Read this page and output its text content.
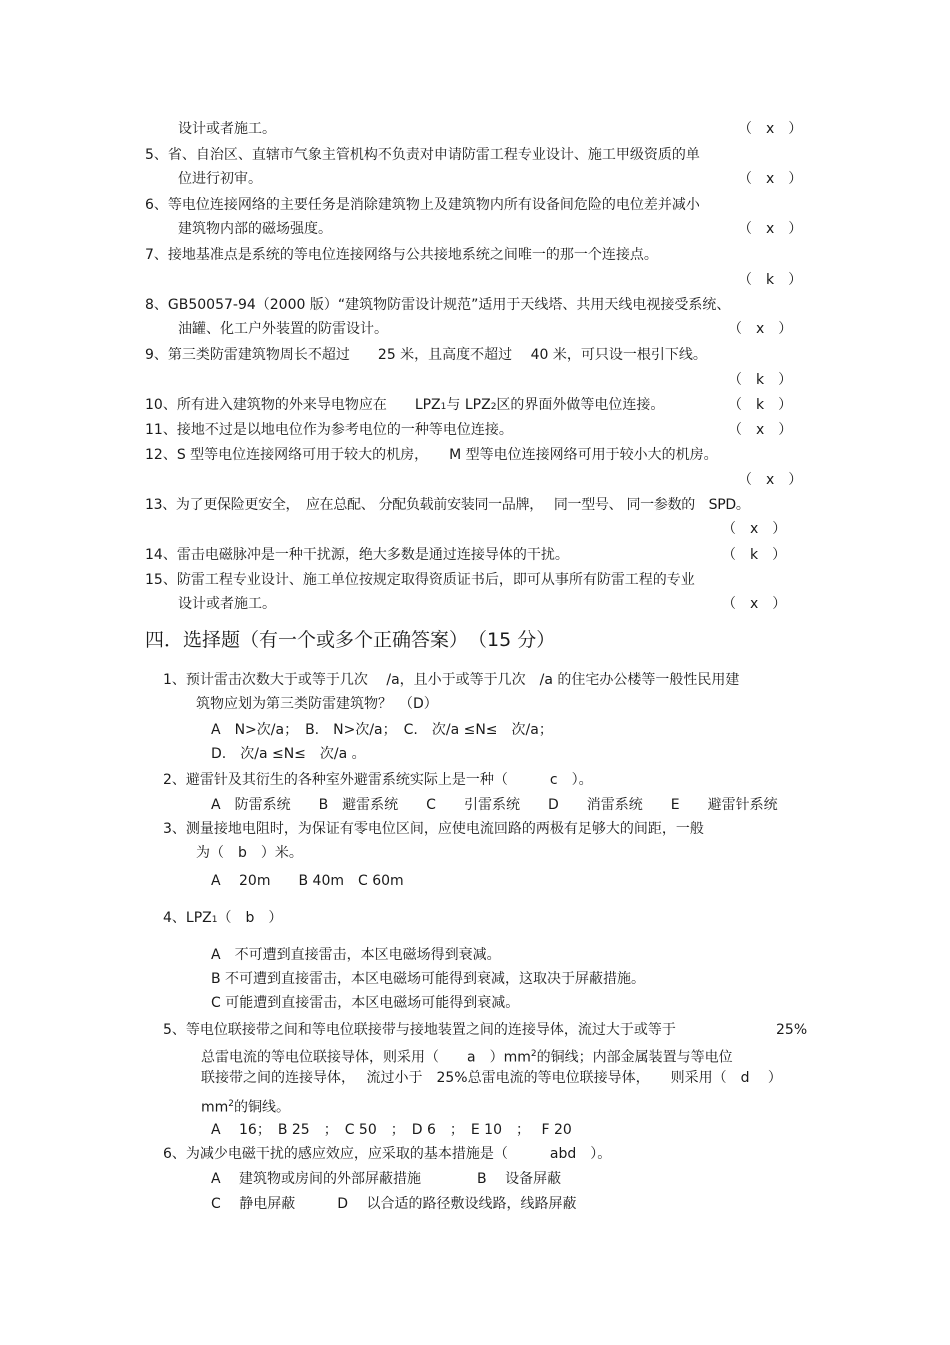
设计或者施工。	（　x　）
5、省、自治区、直辖市气象主管机构不负责对申请防雷工程专业设计、施工甲级资质的单
位进行初审。	（　x　）
6、等电位连接网络的主要任务是消除建筑物上及建筑物内所有设备间危险的电位差并减小
建筑物内部的磁场强度。	（　x　）
7、接地基准点是系统的等电位连接网络与公共接地系统之间唯一的那一个连接点。
（　k　）
8、GB50057-94（2000 版）“建筑物防雷设计规范”适用于天线塔、共用天线电视接受系统、
油罐、化工户外装置的防雷设计。	（　x　）
9、第三类防雷建筑物周长不超过　　25 米，且高度不超过　 40 米，可只设一根引下线。
（　k　）
10、所有进入建筑物的外来导电物应在　　LPZ1与 LPZ2区的界面外做等电位连接。	（　k　）
11、接地不过是以地电位作为参考电位的一种等电位连接。	（　x　）
12、S 型等电位连接网络可用于较大的机房，　　M 型等电位连接网络可用于较小大的机房。
（　x　）
13、为了更保险更安全，　应在总配、 分配负载前安装同一品牌，　 同一型号、 同一参数的　SPD。
（　x　）
14、雷击电磁脉冲是一种干扰源，绝大多数是通过连接导体的干扰。	（　k　）
15、防雷工程专业设计、施工单位按规定取得资质证书后，即可从事所有防雷工程的专业
设计或者施工。	（　x　）
四．选择题（有一个或多个正确答案）　（15 分）
1、预计雷击次数大于或等于几次　 /a，且小于或等于几次　/a 的住宅办公楼等一般性民用建
筑物应划为第三类防雷建筑物？　（D）
A　N>次/a；　B.　N>次/a；　C.　次/a ≤N≤　次/a；
D.　次/a ≤N≤　次/a 。
2、避雷针及其衍生的各种室外避雷系统实际上是一种（　　　c　）。
A　防雷系统　　B　避雷系统　　C　　引雷系统　　D　　消雷系统　　E　　避雷针系统
3、测量接地电阻时，为保证有零电位区间，应使电流回路的两极有足够大的间距，一般
为（　b　）米。
A　 20m　　B 40m　C 60m
4、LPZ1（　b　）
A　不可遭到直接雷击，本区电磁场得到衰减。
B 不可遭到直接雷击，本区电磁场可能得到衰减，这取决于屏蔽措施。
C 可能遭到直接雷击，本区电磁场可能得到衰减。
5、等电位联接带之间和等电位联接带与接地装置之间的连接导体，流过大于或等于	25%
总雷电流的等电位联接导体，则采用（　　a　）$mm^2$的铜线；内部金属装置与等电位
联接带之间的连接导体，　 流过小于　25%总雷电流的等电位联接导体，　　则采用（　d　 ）
$mm^2$的铜线。
A　 16；　B 25　；　C 50　；　D 6　；　E 10　；　 F 20
6、为减少电磁干扰的感应效应，应采取的基本措施是（　　　abd　）。
A　 建筑物或房间的外部屏蔽措施　　　　B　 设备屏蔽
C　 静电屏蔽　　　D　 以合适的路径敷设线路，线路屏蔽
